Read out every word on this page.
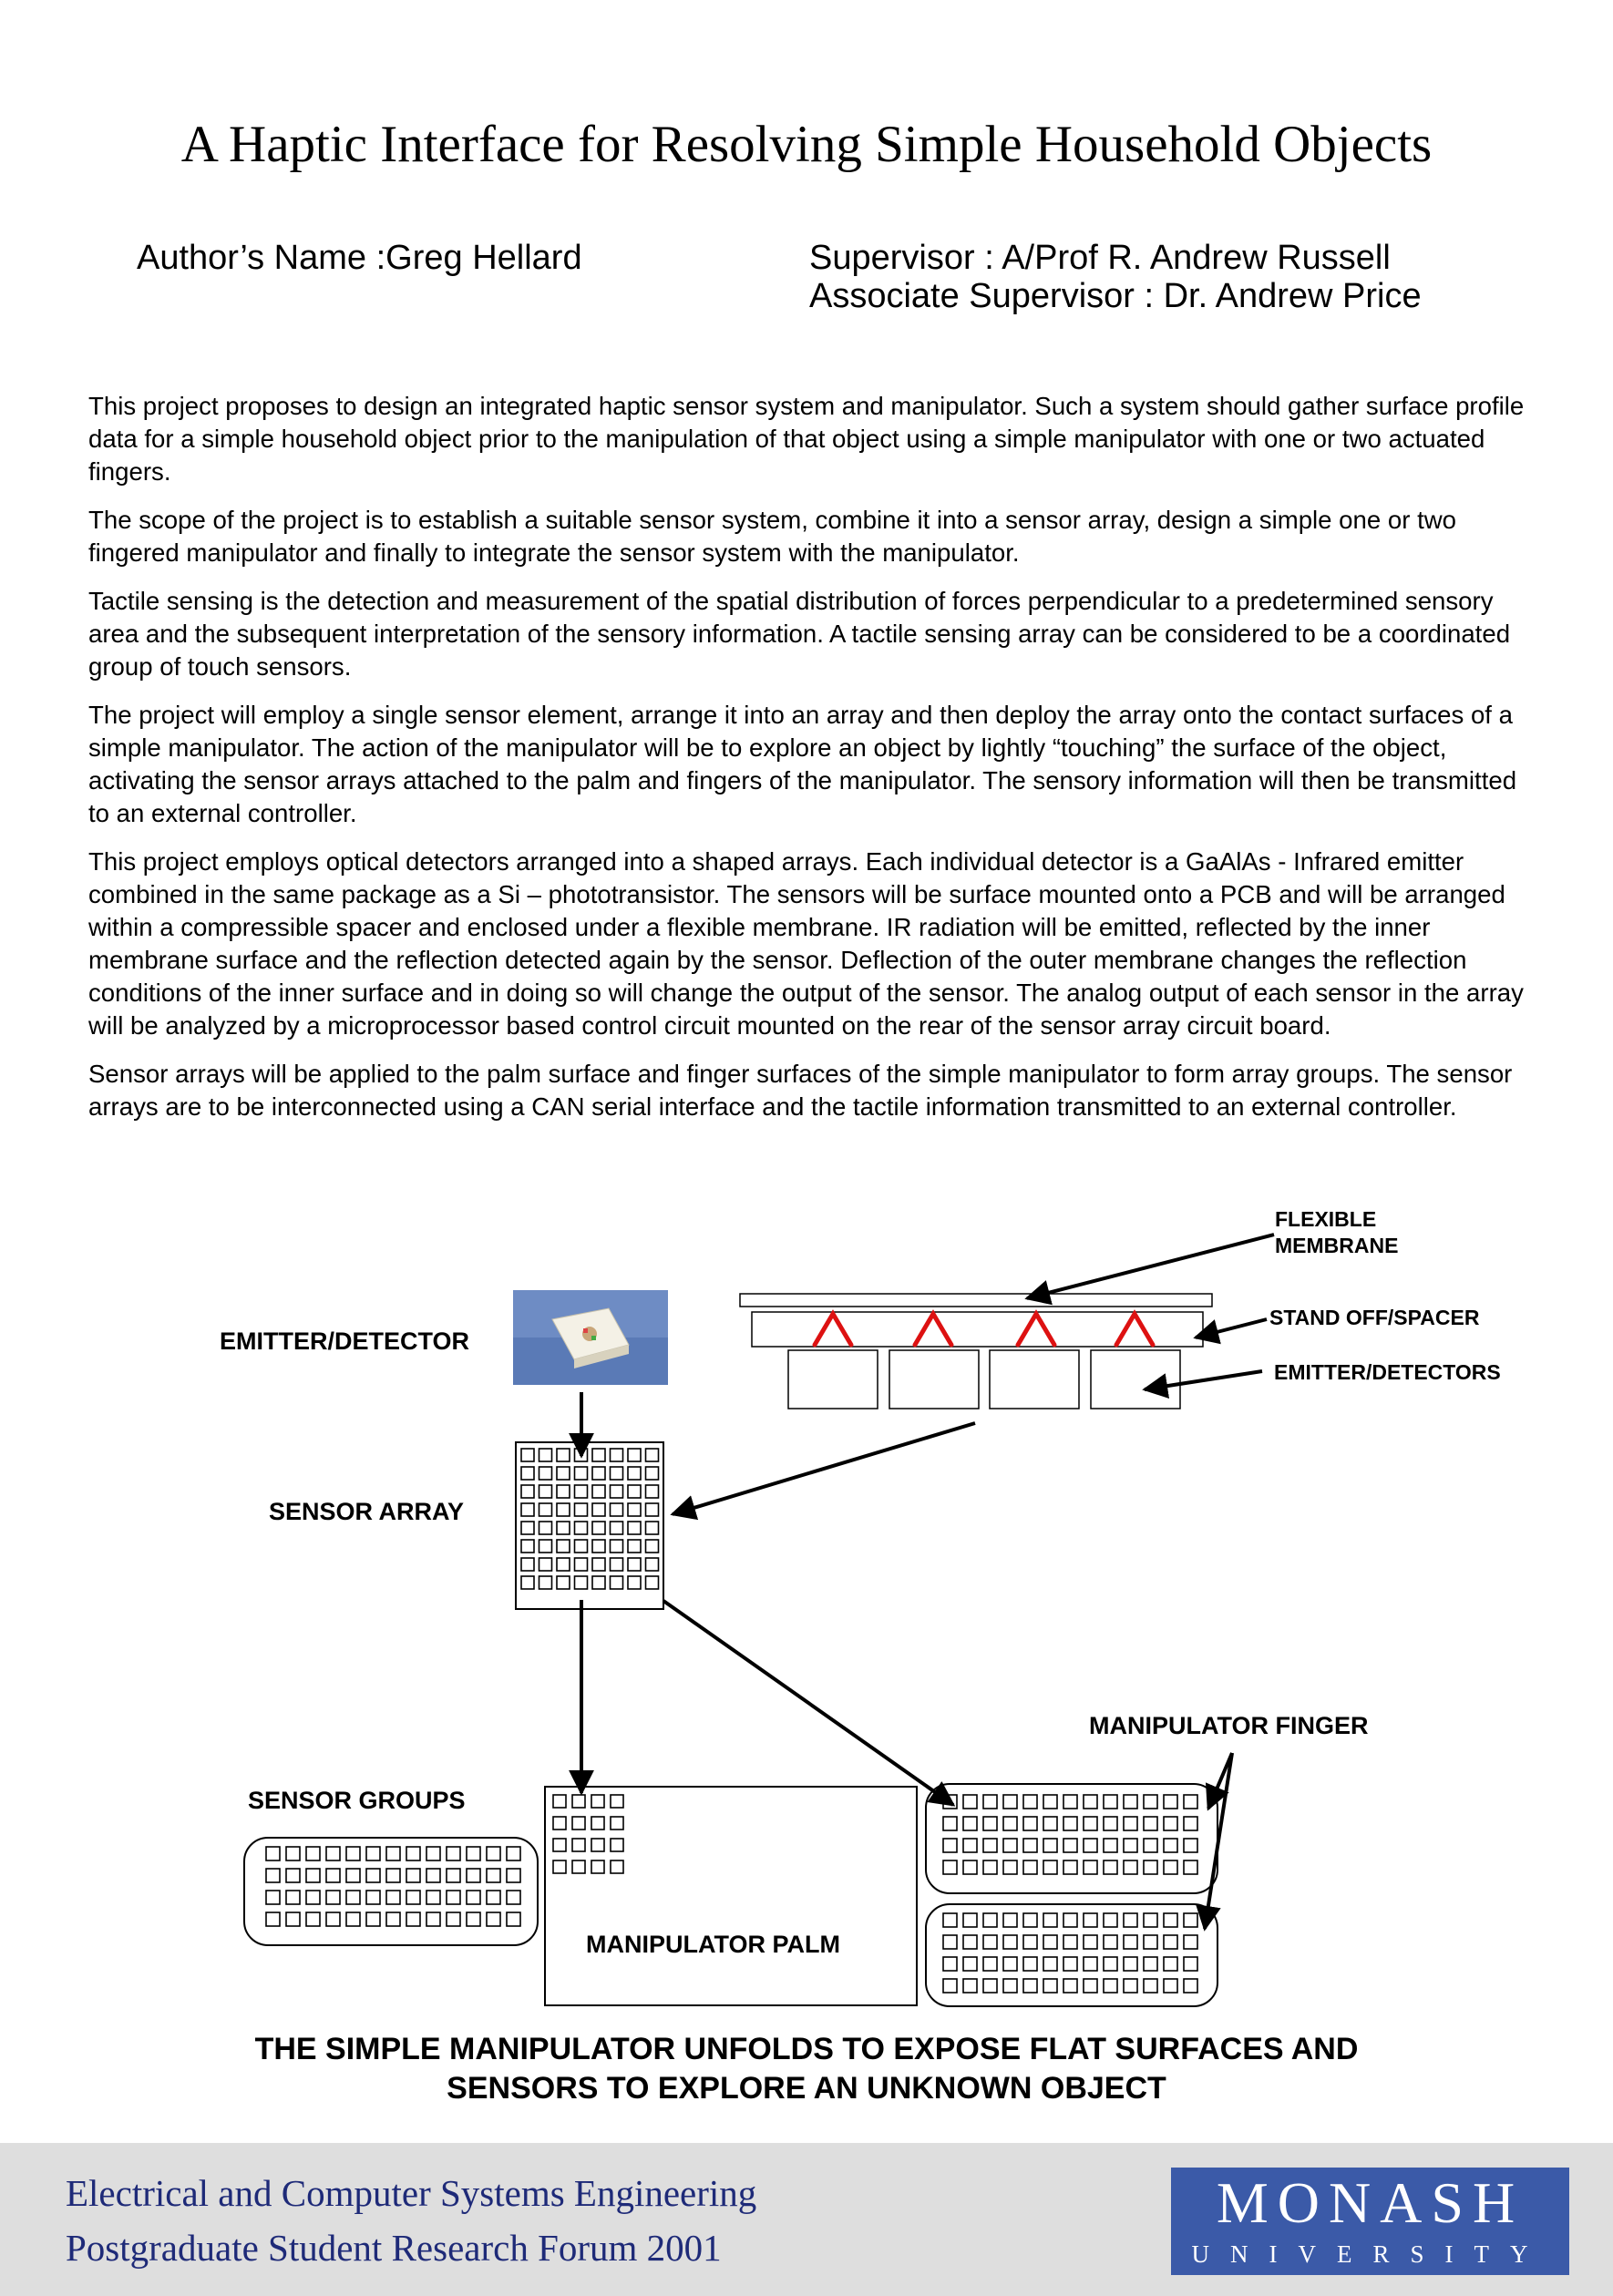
A Haptic Interface for Resolving Simple Household Objects
Author’s Name :Greg Hellard	Supervisor : A/Prof R. Andrew Russell
Associate Supervisor : Dr. Andrew Price

This project proposes to design an integrated haptic sensor system and manipulator. Such a system should gather surface profile data for a simple household object prior to the manipulation of that object using a simple manipulator with one or two actuated fingers.

The scope of the project is to establish a suitable sensor system, combine it into a sensor array, design a simple one or two fingered manipulator and finally to integrate the sensor system with the manipulator.

Tactile sensing is the detection and measurement of the spatial distribution of forces perpendicular to a predetermined sensory area and the subsequent interpretation of the sensory information. A tactile sensing array can be considered to be a coordinated group of touch sensors.

The project will employ a single sensor element, arrange it into an array and then deploy the array onto the contact surfaces of a simple manipulator. The action of the manipulator will be to explore an object by lightly “touching” the surface of the object, activating the sensor arrays attached to the palm and fingers of the manipulator. The sensory information will then be transmitted to an external controller.

This project employs optical detectors arranged into a shaped arrays. Each individual detector is a GaAlAs - Infrared emitter combined in the same package as a Si – phototransistor. The sensors will be surface mounted onto a PCB and will be arranged within a compressible spacer and enclosed under a flexible membrane. IR radiation will be emitted, reflected by the inner membrane surface and the reflection detected again by the sensor. Deflection of the outer membrane changes the reflection conditions of the inner surface and in doing so will change the output of the sensor. The analog output of each sensor in the array will be analyzed by a microprocessor based control circuit mounted on the rear of the sensor array circuit board.

Sensor arrays will be applied to the palm surface and finger surfaces of the simple manipulator to form array groups. The sensor arrays are to be interconnected using a CAN serial interface and the tactile information transmitted to an external controller.

FLEXIBLE
MEMBRANE
STAND OFF/SPACER
EMITTER/DETECTORS
EMITTER/DETECTOR
SENSOR ARRAY
MANIPULATOR FINGER
SENSOR GROUPS
MANIPULATOR PALM
THE SIMPLE MANIPULATOR UNFOLDS TO EXPOSE FLAT SURFACES AND
SENSORS TO EXPLORE AN UNKNOWN OBJECT
Electrical and Computer Systems Engineering
Postgraduate Student Research Forum 2001
MONASH
UNIVERSITY
